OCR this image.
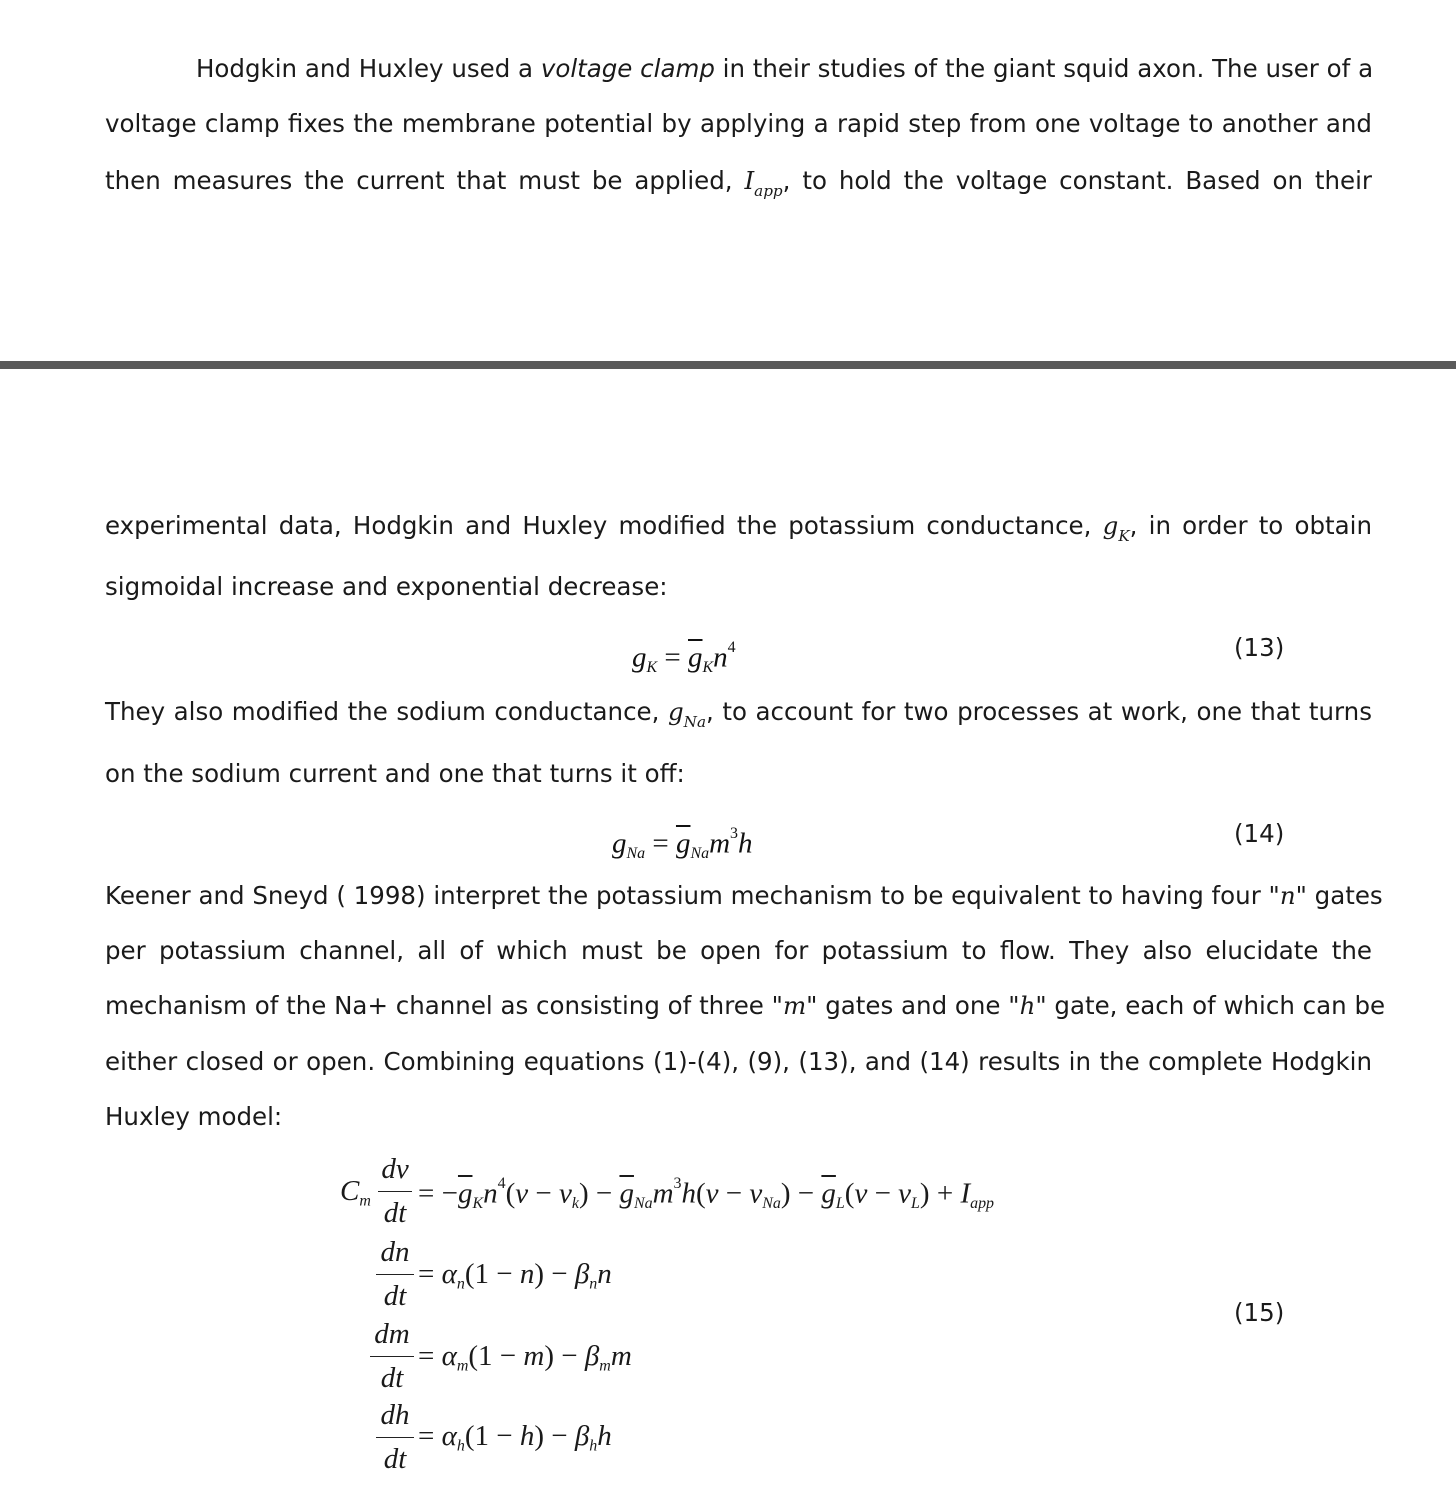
Hodgkin and Huxley used a voltage clamp in their studies of the giant squid axon. The user of a
voltage clamp fixes the membrane potential by applying a rapid step from one voltage to another and
then measures the current that must be applied, $I_{app}$, to hold the voltage constant. Based on their
experimental data, Hodgkin and Huxley modified the potassium conductance, $g_K$, in order to obtain
sigmoidal increase and exponential decrease:
$g_K = \overline{g}_Kn^4$	(13)
They also modified the sodium conductance, $g_{Na}$, to account for two processes at work, one that turns
on the sodium current and one that turns it off:
$g_{Na} = \overline{g}_{Na}m^3h$	(14)
Keener and Sneyd ( 1998) interpret the potassium mechanism to be equivalent to having four "n" gates
per potassium channel, all of which must be open for potassium to flow. They also elucidate the
mechanism of the Na+ channel as consisting of three "m" gates and one "h" gate, each of which can be
either closed or open. Combining equations (1)-(4), (9), (13), and (14) results in the complete Hodgkin
Huxley model:
$C_m$
dv
dt
= $-\overline{g}_Kn^4(v - v_k) - \overline{g}_{Na}m^3h(v - v_{Na}) - \overline{g}_L(v - v_L) + I_{app}$
dn
dt
= $\alpha_n(1 - n) - \beta_nn$
dm
dt
= $\alpha_m(1 - m) - \beta_mm$
dh
dt
= $\alpha_h(1 - h) - \beta_hh$
(15)
